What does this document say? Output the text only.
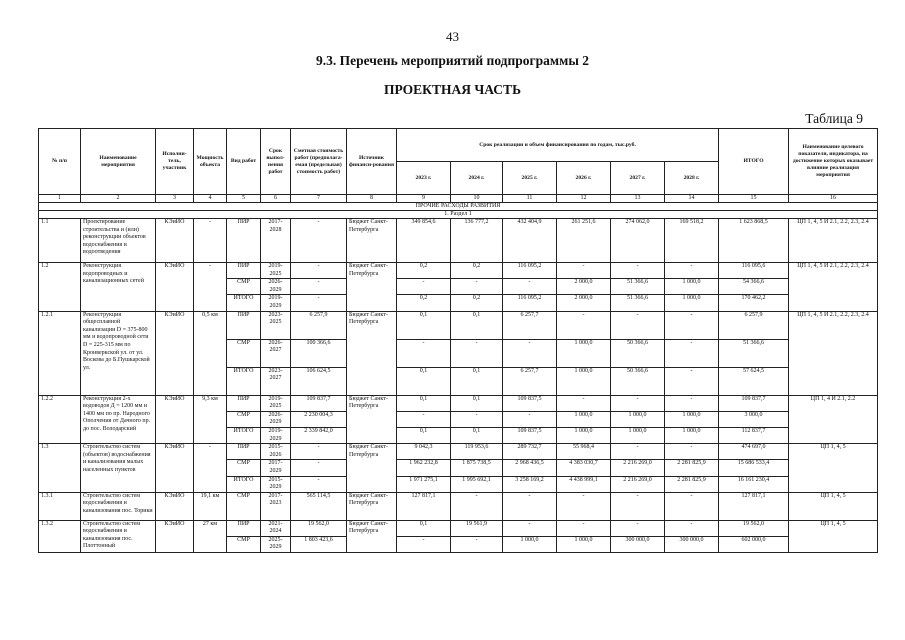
43
9.3. Перечень мероприятий подпрограммы 2
ПРОЕКТНАЯ ЧАСТЬ
Таблица 9
№ п/п	Наименование мероприятия	Исполни-тель, участник	Мощность объекта	Вид работ	Срок выпол-нения работ	Сметная стоимость работ (предполага-емая (предельная) стоимость работ)	Источник финанси-рования	Срок реализации и объем финансирования по годам, тыс.руб.						ИТОГО	Наименование целевого показателя, индикатора, на достижение которых оказывает влияние реализация мероприятия
								2023 г.	2024 г.	2025 г.	2026 г.	2027 г.	2028 г.		
1	2	3	4	5	6	7	8	9	10	11	12	13	14	15	16
ПРОЧИЕ РАСХОДЫ РАЗВИТИЯ															
1. Раздел 1															
1.1	Проектирование строительства и (или) реконструкции объектов водоснабжения и водоотведения	КЭиИО	-	ПИР	2017-2028	-	Бюджет Санкт-Петербурга	349 854,6	136 777,2	432 404,9	261 251,6	274 062,0	169 518,2	1 623 868,5	ЦП 1, 4, 5 И 2.1, 2.2, 2.3, 2.4
1.2	Реконструкция водопроводных и канализационных сетей	КЭиИО	-	ПИР	2019-2025	-	Бюджет Санкт-Петербурга	0,2	0,2	116 095,2	-	-	-	116 095,6	ЦП 1, 4, 5 И 2.1, 2.2, 2.3, 2.4
				СМР	2026-2029	-		-	-	-	2 000,0	51 366,6	1 000,0	54 366,6	
				ИТОГО	2019-2029	-		0,2	0,2	116 095,2	2 000,0	51 366,6	1 000,0	170 462,2	
1.2.1	Реконструкция общесплавной канализации D = 375-800 мм и водопроводной сети D = 225-315 мм по Кронверкской ул. от ул. Воскова до Б.Пушкарской ул.	КЭиИО	0,5 км	ПИР	2023-2025	6 257,9	Бюджет Санкт-Петербурга	0,1	0,1	6 257,7	-	-	-	6 257,9	ЦП 1, 4, 5 И 2.1, 2.2, 2.3, 2.4
				СМР	2026-2027	100 366,6		-	-	-	1 000,0	50 366,6	-	51 366,6	
				ИТОГО	2023-2027	106 624,5		0,1	0,1	6 257,7	1 000,0	50 366,6	-	57 624,5	
1.2.2	Реконструкция 2-х водоводов Д = 1200 мм и 1400 мм по пр. Народного Ополчения от Дачного пр. до пос. Володарский	КЭиИО	9,3 км	ПИР	2019-2025	109 837,7	Бюджет Санкт-Петербурга	0,1	0,1	109 837,5	-	-	-	109 837,7	ЦП 1, 4 И 2.1, 2.2
				СМР	2026-2029	2 230 004,3		-	-	-	1 000,0	1 000,0	1 000,0	3 000,0	
				ИТОГО	2019-2029	2 339 842,0		0,1	0,1	109 837,5	1 000,0	1 000,0	1 000,0	112 837,7	
1.3	Строительство систем (объектов) водоснабжения и канализования малых населенных пунктов	КЭиИО	-	ПИР	2015-2026	-	Бюджет Санкт-Петербурга	9 042,3	119 953,6	289 732,7	55 968,4	-	-	474 697,0	ЦП 1, 4, 5
				СМР	2017-2029	-		1 962 232,8	1 875 738,5	2 968 436,5	4 383 030,7	2 216 269,0	2 281 825,9	15 686 533,4	
				ИТОГО	2015-2029	-		1 971 275,1	1 995 692,1	3 258 169,2	4 438 999,1	2 216 269,0	2 281 825,9	16 161 230,4	
1.3.1	Строительство систем водоснабжения и канализования пос. Торики	КЭиИО	19,1 км	СМР	2017-2023	565 114,5	Бюджет Санкт-Петербурга	127 817,1	-	-	-	-	-	127 817,1	ЦП 1, 4, 5
1.3.2	Строительство систем водоснабжения и канализования пос. Плоттонный	КЭиИО	27 км	ПИР	2021-2024	19 562,0	Бюджет Санкт-Петербурга	0,1	19 561,9	-	-	-	-	19 562,0	ЦП 1, 4, 5
				СМР	2025-2029	1 803 423,6		-	-	1 000,0	1 000,0	300 000,0	300 000,0	602 000,0	
